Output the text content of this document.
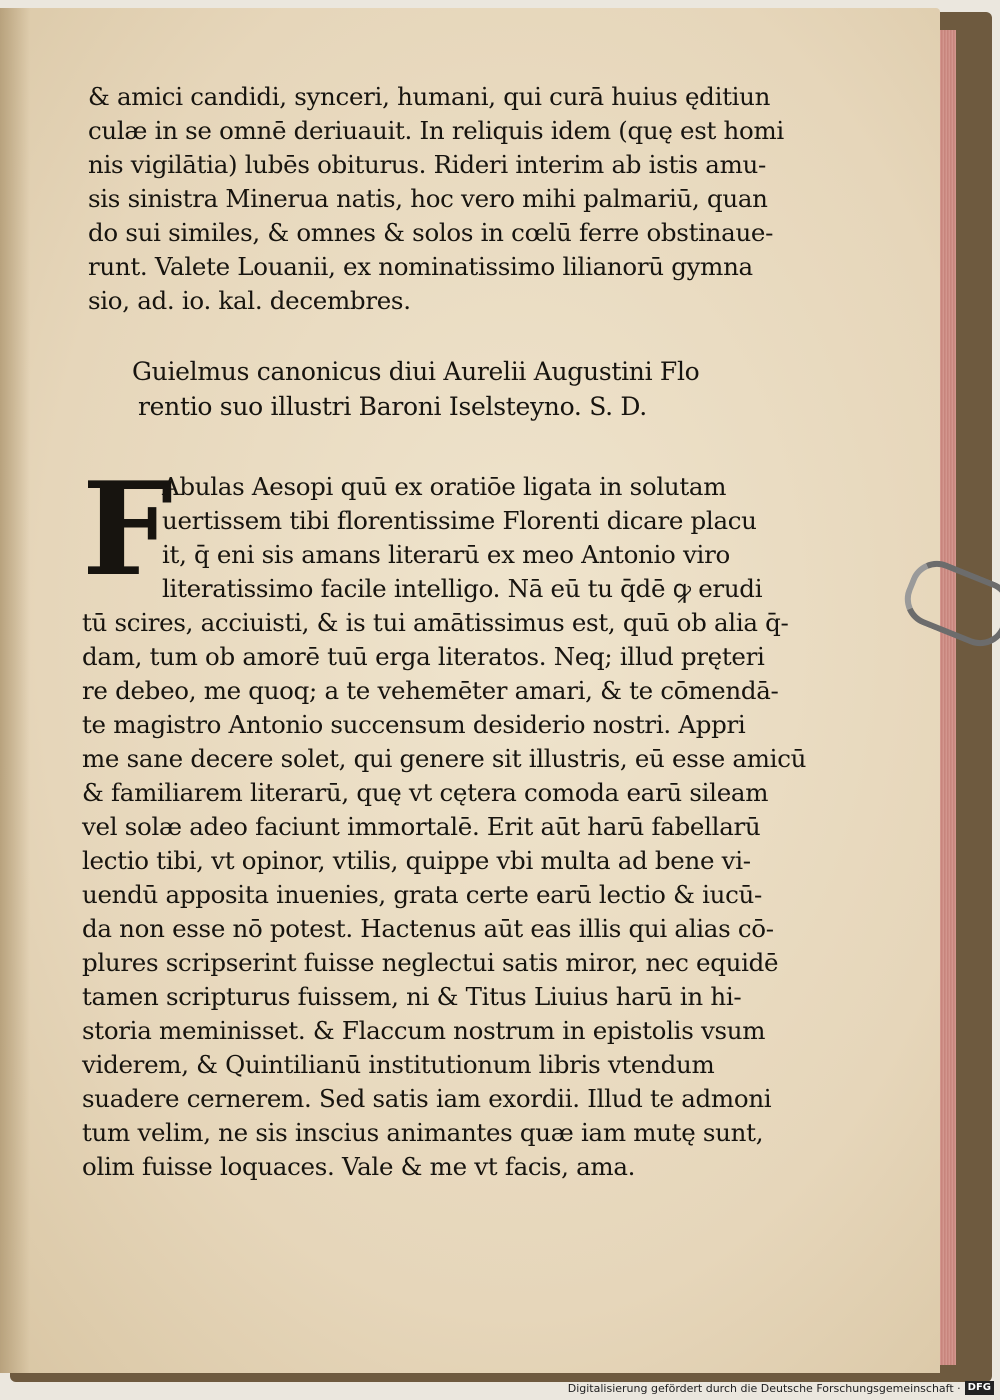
& amici candidi, synceri, humani, qui curā huius ęditiun
culæ in se omnē deriuauit. In reliquis idem (quę est homi
nis vigilātia) lubēs obiturus. Rideri interim ab istis amu-
sis sinistra Minerua natis, hoc vero mihi palmariū, quan
do sui similes, & omnes & solos in cœlū ferre obstinaue-
runt. Valete Louanii, ex nominatissimo lilianorū gymna
sio, ad. io. kal. decembres.
Guielmus canonicus diui Aurelii Augustini Flo
rentio suo illustri Baroni Iselsteyno. S. D.
F
Abulas Aesopi quū ex oratiōe ligata in solutam
uertissem tibi florentissime Florenti dicare placu
it, q̄ eni sis amans literarū ex meo Antonio viro
literatissimo facile intelligo. Nā eū tu q̄dē ꝙ erudi
tū scires, acciuisti, & is tui amātissimus est, quū ob alia q̄-
dam, tum ob amorē tuū erga literatos. Neq; illud pręteri
re debeo, me quoq; a te vehemēter amari, & te cōmendā-
te magistro Antonio succensum desiderio nostri. Appri
me sane decere solet, qui genere sit illustris, eū esse amicū
& familiarem literarū, quę vt cętera comoda earū sileam
vel solæ adeo faciunt immortalē. Erit aūt harū fabellarū
lectio tibi, vt opinor, vtilis, quippe vbi multa ad bene vi-
uendū apposita inuenies, grata certe earū lectio & iucū-
da non esse nō potest. Hactenus aūt eas illis qui alias cō-
plures scripserint fuisse neglectui satis miror, nec equidē
tamen scripturus fuissem, ni & Titus Liuius harū in hi-
storia meminisset. & Flaccum nostrum in epistolis vsum
viderem, & Quintilianū institutionum libris vtendum
suadere cernerem. Sed satis iam exordii. Illud te admoni
tum velim, ne sis inscius animantes quæ iam mutę sunt,
olim fuisse loquaces. Vale & me vt facis, ama.
Digitalisierung gefördert durch die Deutsche Forschungsgemeinschaft · DFG
